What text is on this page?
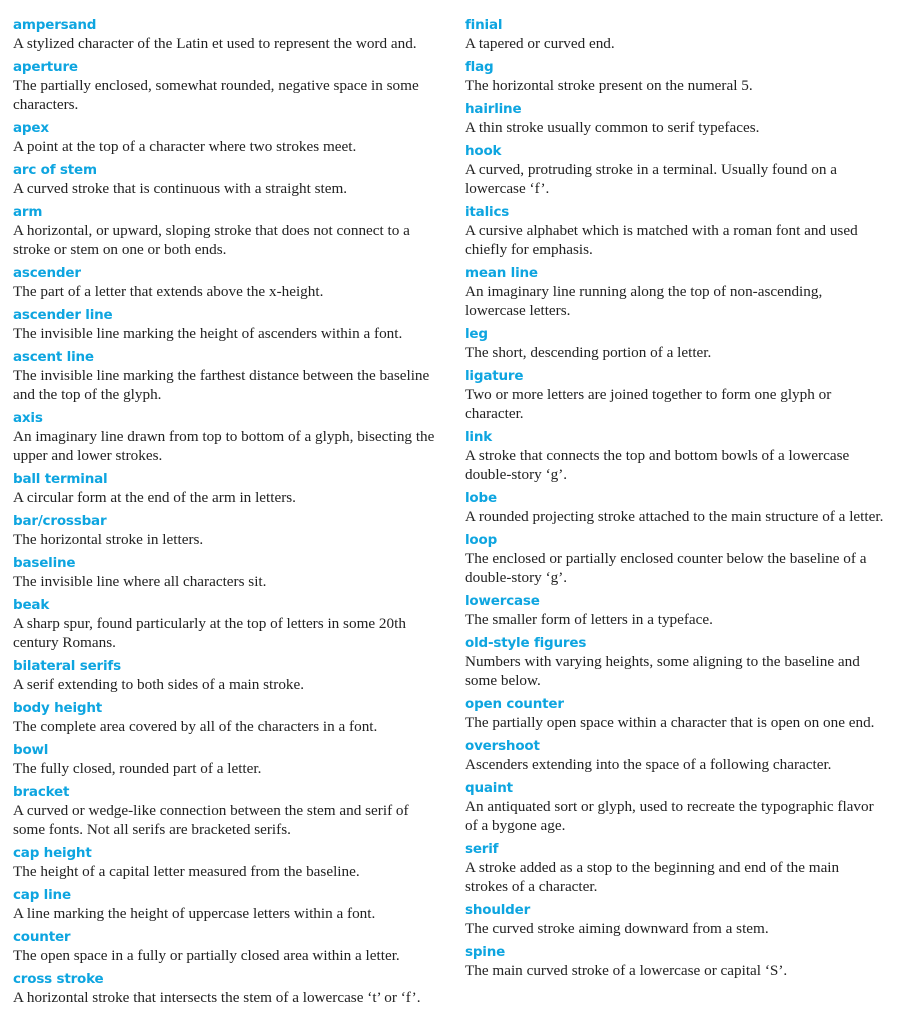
ampersand
A stylized character of the Latin et used to represent the word and.
aperture
The partially enclosed, somewhat rounded, negative space in some characters.
apex
A point at the top of a character where two strokes meet.
arc of stem
A curved stroke that is continuous with a straight stem.
arm
A horizontal, or upward, sloping stroke that does not connect to a stroke or stem on one or both ends.
ascender
The part of a letter that extends above the x-height.
ascender line
The invisible line marking the height of ascenders within a font.
ascent line
The invisible line marking the farthest distance between the baseline and the top of the glyph.
axis
An imaginary line drawn from top to bottom of a glyph, bisecting the upper and lower strokes.
ball terminal
A circular form at the end of the arm in letters.
bar/crossbar
The horizontal stroke in letters.
baseline
The invisible line where all characters sit.
beak
A sharp spur, found particularly at the top of letters in some 20th century Romans.
bilateral serifs
A serif extending to both sides of a main stroke.
body height
The complete area covered by all of the characters in a font.
bowl
The fully closed, rounded part of a letter.
bracket
A curved or wedge-like connection between the stem and serif of some fonts. Not all serifs are bracketed serifs.
cap height
The height of a capital letter measured from the baseline.
cap line
A line marking the height of uppercase letters within a font.
counter
The open space in a fully or partially closed area within a letter.
cross stroke
A horizontal stroke that intersects the stem of a lowercase ‘t’ or ‘f’.
finial
A tapered or curved end.
flag
The horizontal stroke present on the numeral 5.
hairline
A thin stroke usually common to serif typefaces.
hook
A curved, protruding stroke in a terminal. Usually found on a lowercase ‘f’.
italics
A cursive alphabet which is matched with a roman font and used chiefly for emphasis.
mean line
An imaginary line running along the top of non-ascending, lowercase letters.
leg
The short, descending portion of a letter.
ligature
Two or more letters are joined together to form one glyph or character.
link
A stroke that connects the top and bottom bowls of a lowercase double-story ‘g’.
lobe
A rounded projecting stroke attached to the main structure of a letter.
loop
The enclosed or partially enclosed counter below the baseline of a double-story ‘g’.
lowercase
The smaller form of letters in a typeface.
old-style figures
Numbers with varying heights, some aligning to the baseline and some below.
open counter
The partially open space within a character that is open on one end.
overshoot
Ascenders extending into the space of a following character.
quaint
An antiquated sort or glyph, used to recreate the typographic flavor of a bygone age.
serif
A stroke added as a stop to the beginning and end of the main strokes of a character.
shoulder
The curved stroke aiming downward from a stem.
spine
The main curved stroke of a lowercase or capital ‘S’.
